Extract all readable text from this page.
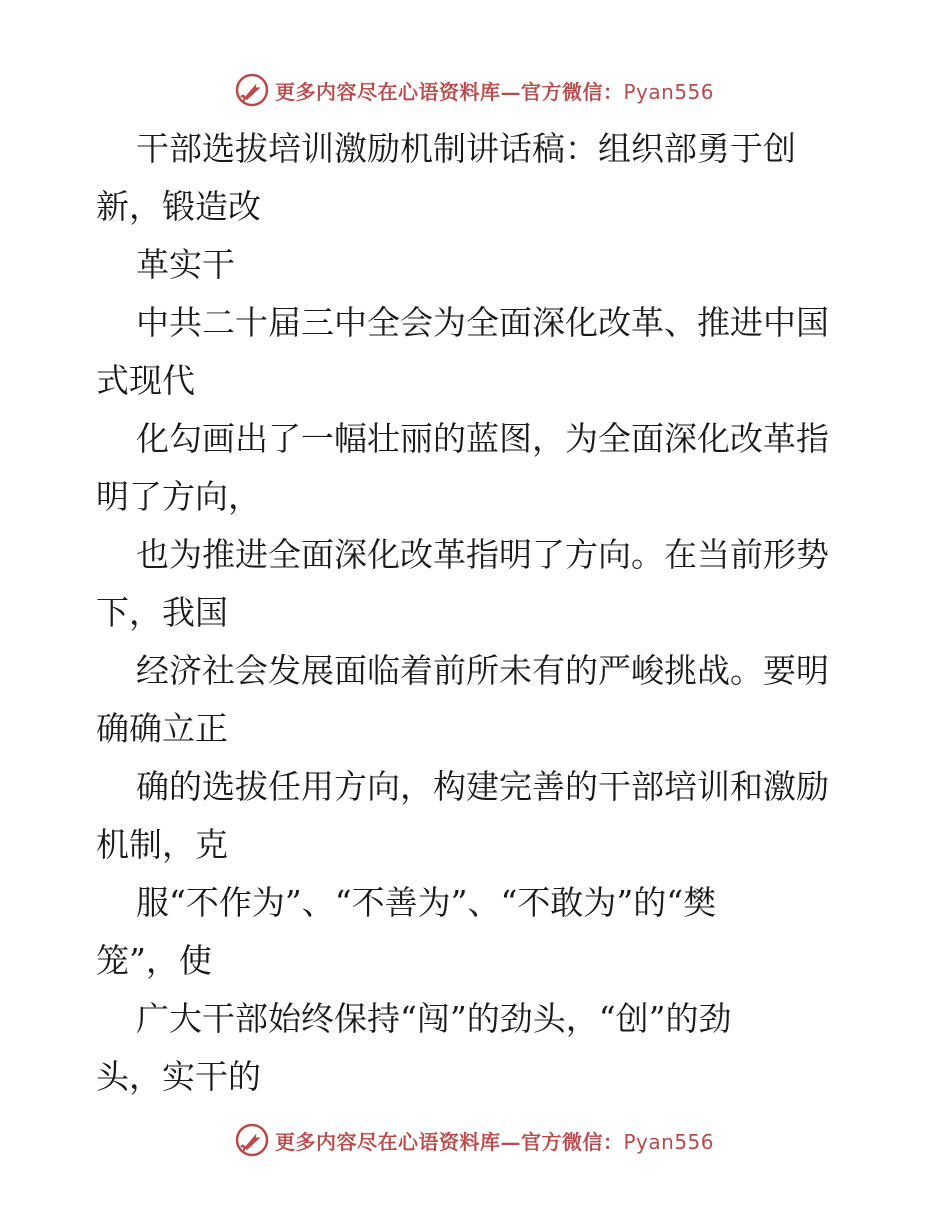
更多内容尽在心语资料库—官方微信：Pyan556
干部选拔培训激励机制讲话稿：组织部勇于创
新，锻造改
革实干
中共二十届三中全会为全面深化改革、推进中国
式现代
化勾画出了一幅壮丽的蓝图，为全面深化改革指
明了方向，
也为推进全面深化改革指明了方向。在当前形势
下，我国
经济社会发展面临着前所未有的严峻挑战。要明
确确立正
确的选拔任用方向，构建完善的干部培训和激励
机制，克
服“不作为”、“不善为”、“不敢为”的“樊
笼”，使
广大干部始终保持“闯”的劲头，“创”的劲
头，实干的
更多内容尽在心语资料库—官方微信：Pyan556
